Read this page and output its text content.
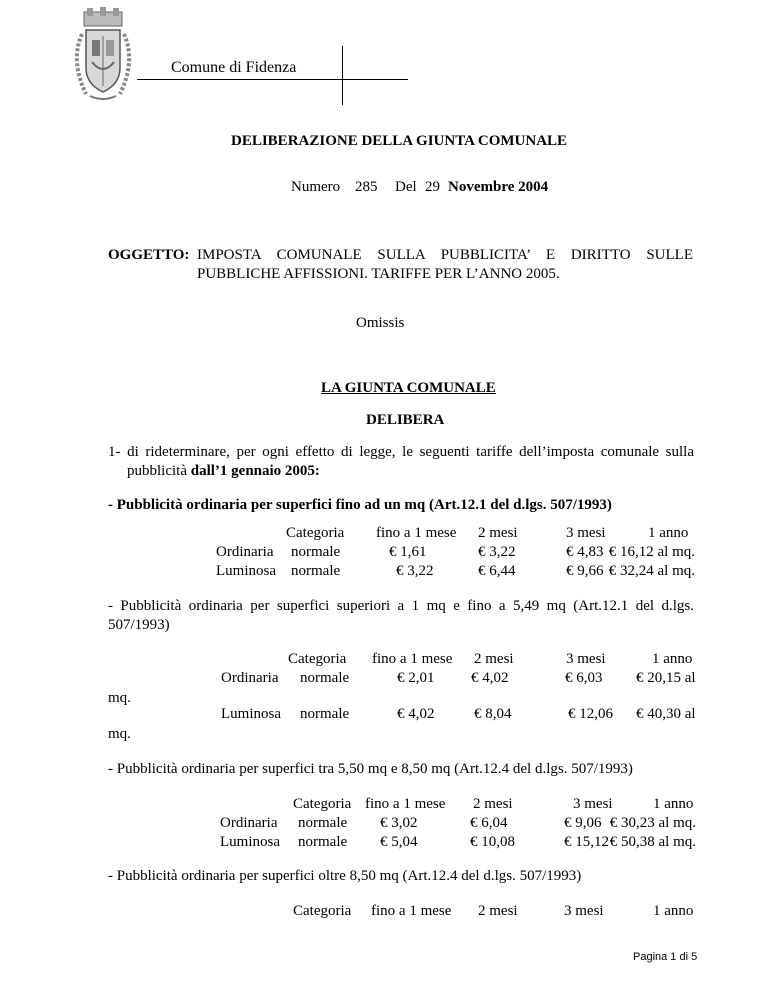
Comune di Fidenza
DELIBERAZIONE DELLA GIUNTA COMUNALE
Numero 285 Del 29 Novembre 2004
OGGETTO: IMPOSTA COMUNALE SULLA PUBBLICITA’ E DIRITTO SULLE
PUBBLICHE AFFISSIONI. TARIFFE PER L’ANNO 2005.
Omissis
LA GIUNTA COMUNALE
DELIBERA
1- di rideterminare, per ogni effetto di legge, le seguenti tariffe dell’imposta comunale sulla
pubblicità dall’1 gennaio 2005:
- Pubblicità ordinaria per superfici fino ad un mq (Art.12.1 del d.lgs. 507/1993)
Categoria fino a 1 mese 2 mesi	3 mesi	1 anno
Ordinaria normale	€ 1,61	€ 3,22	€ 4,83 € 16,12 al mq.
Luminosa normale	€ 3,22	€ 6,44	€ 9,66 € 32,24 al mq.
- Pubblicità ordinaria per superfici superiori a 1 mq e fino a 5,49 mq (Art.12.1 del d.lgs.
507/1993)
Categoria fino a 1 mese 2 mesi	3 mesi	1 anno
Ordinaria normale	€ 2,01 € 4,02	€ 6,03 € 20,15 al
mq.
Luminosa normale	€ 4,02	€ 8,04	€ 12,06 € 40,30 al
mq.
- Pubblicità ordinaria per superfici tra 5,50 mq e 8,50 mq (Art.12.4 del d.lgs. 507/1993)
Categoria fino a 1 mese 2 mesi	3 mesi	1 anno
Ordinaria normale € 3,02	€ 6,04	€ 9,06 € 30,23 al mq.
Luminosa normale € 5,04	€ 10,08	€ 15,12 € 50,38 al mq.
- Pubblicità ordinaria per superfici oltre 8,50 mq (Art.12.4 del d.lgs. 507/1993)
Categoria fino a 1 mese 2 mesi	3 mesi	1 anno
Pagina 1 di 5
